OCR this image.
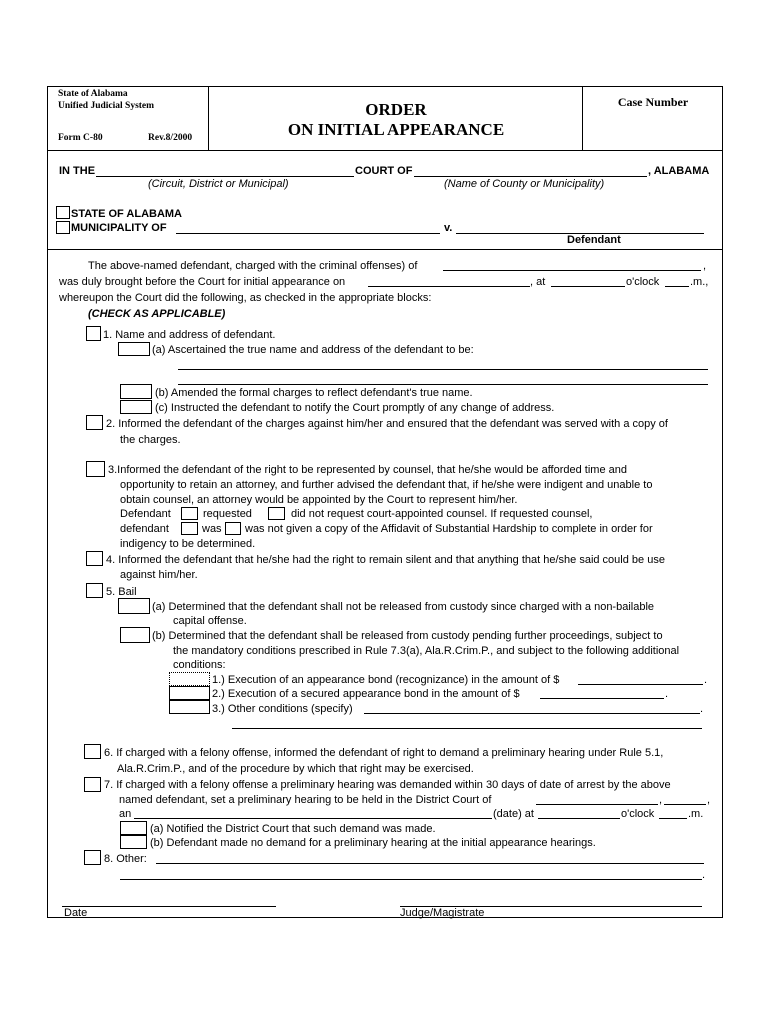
State of Alabama
Unified Judicial System
Form C-80	Rev.8/2000
ORDER
ON INITIAL APPEARANCE
Case Number
IN THE	COURT OF	, ALABAMA
(Circuit, District or Municipal)	(Name of County or Municipality)
STATE OF ALABAMA
MUNICIPALITY OF	v.
Defendant
The above-named defendant, charged with the criminal offenses) of	,
was duly brought before the Court for initial appearance on	, at	o'clock	.m.,
whereupon the Court did the following, as checked in the appropriate blocks:
(CHECK AS APPLICABLE)
1. Name and address of defendant.
(a) Ascertained the true name and address of the defendant to be:
(b) Amended the formal charges to reflect defendant's true name.
(c) Instructed the defendant to notify the Court promptly of any change of address.
2. Informed the defendant of the charges against him/her and ensured that the defendant was served with a copy of
the charges.
3.Informed the defendant of the right to be represented by counsel, that he/she would be afforded time and
opportunity to retain an attorney, and further advised the defendant that, if he/she were indigent and unable to
obtain counsel, an attorney would be appointed by the Court to represent him/her.
Defendant	requested	did not request court-appointed counsel. If requested counsel,
defendant	was was not given a copy of the Affidavit of Substantial Hardship to complete in order for
indigency to be determined.
4. Informed the defendant that he/she had the right to remain silent and that anything that he/she said could be use
against him/her.
5. Bail
(a) Determined that the defendant shall not be released from custody since charged with a non-bailable
capital offense.
(b) Determined that the defendant shall be released from custody pending further proceedings, subject to
the mandatory conditions prescribed in Rule 7.3(a), Ala.R.Crim.P., and subject to the following additional
conditions:
1.) Execution of an appearance bond (recognizance) in the amount of $	.
2.) Execution of a secured appearance bond in the amount of $	.
3.) Other conditions (specify)	.
6. If charged with a felony offense, informed the defendant of right to demand a preliminary hearing under Rule 5.1,
Ala.R.Crim.P., and of the procedure by which that right may be exercised.
7. If charged with a felony offense a preliminary hearing was demanded within 30 days of date of arrest by the above
named defendant, set a preliminary hearing to be held in the District Court of	,	,
an	(date) at	o'clock	.m.
(a) Notified the District Court that such demand was made.
(b) Defendant made no demand for a preliminary hearing at the initial appearance hearings.
8. Other:
.
Date	Judge/Magistrate
